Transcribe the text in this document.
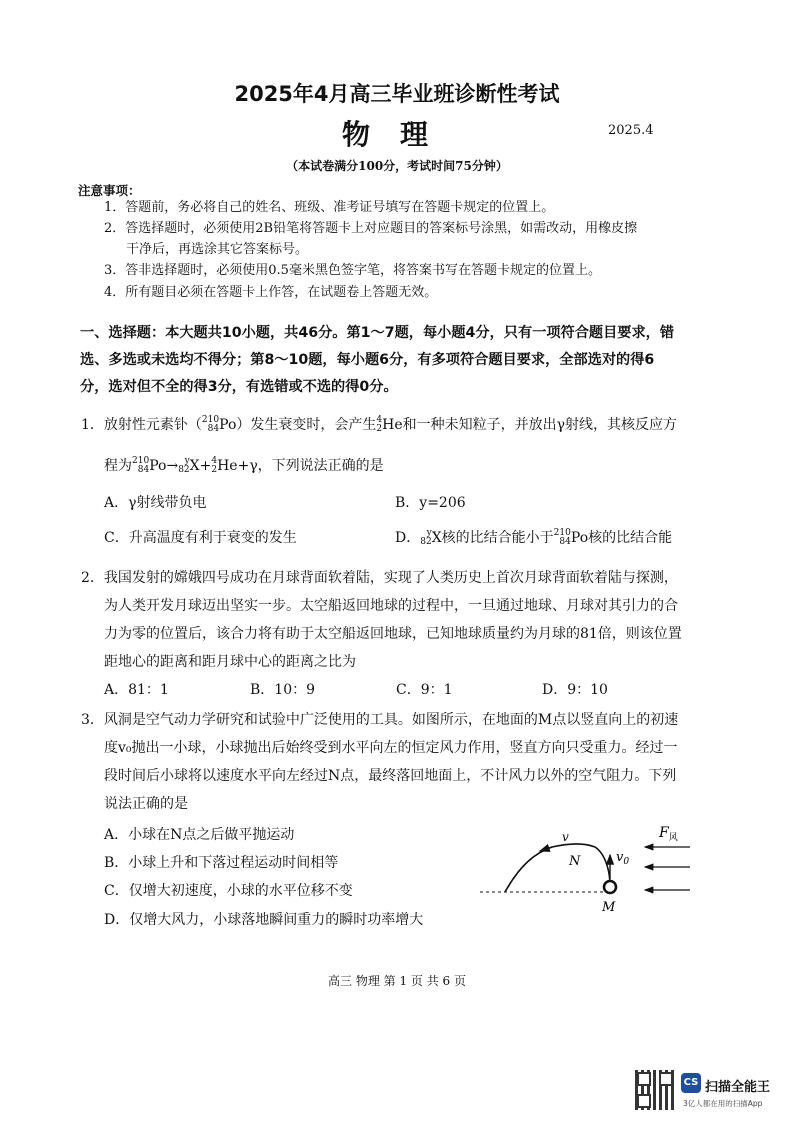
2025年4月高三毕业班诊断性考试
物理	2025.4
（本试卷满分100分，考试时间75分钟）
注意事项：
1．答题前，务必将自己的姓名、班级、准考证号填写在答题卡规定的位置上。
2．答选择题时，必须使用2B铅笔将答题卡上对应题目的答案标号涂黑，如需改动，用橡皮擦
干净后，再选涂其它答案标号。
3．答非选择题时，必须使用0.5毫米黑色签字笔，将答案书写在答题卡规定的位置上。
4．所有题目必须在答题卡上作答，在试题卷上答题无效。
一、选择题：本大题共10小题，共46分。第1～7题，每小题4分，只有一项符合题目要求，错
选、多选或未选均不得分；第8～10题，每小题6分，有多项符合题目要求，全部选对的得6
分，选对但不全的得3分，有选错或不选的得0分。
1．放射性元素钋（210
84Po）发生衰变时，会产生4
2He和一种未知粒子，并放出γ射线，其核反应方
程为210
84Po→ y
82X+4
2He+γ，下列说法正确的是
A．γ射线带负电	B．y=206
C．升高温度有利于衰变的发生	D． y
82X核的比结合能小于210
84Po核的比结合能
2．我国发射的嫦娥四号成功在月球背面软着陆，实现了人类历史上首次月球背面软着陆与探测，
为人类开发月球迈出坚实一步。太空船返回地球的过程中，一旦通过地球、月球对其引力的合
力为零的位置后，该合力将有助于太空船返回地球，已知地球质量约为月球的81倍，则该位置
距地心的距离和距月球中心的距离之比为
A．81：1	B．10：9	C．9：1	D．9：10
3．风洞是空气动力学研究和试验中广泛使用的工具。如图所示，在地面的M点以竖直向上的初速
度v₀抛出一小球，小球抛出后始终受到水平向左的恒定风力作用，竖直方向只受重力。经过一
段时间后小球将以速度水平向左经过N点，最终落回地面上，不计风力以外的空气阻力。下列
说法正确的是
A．小球在N点之后做平抛运动
B．小球上升和下落过程运动时间相等
C．仅增大初速度，小球的水平位移不变
D．仅增大风力，小球落地瞬间重力的瞬时功率增大
v
N	$v_0$
M
$F_风$
高三 物理 第 1 页 共 6 页
CS 扫描全能王
3亿人都在用的扫描App
